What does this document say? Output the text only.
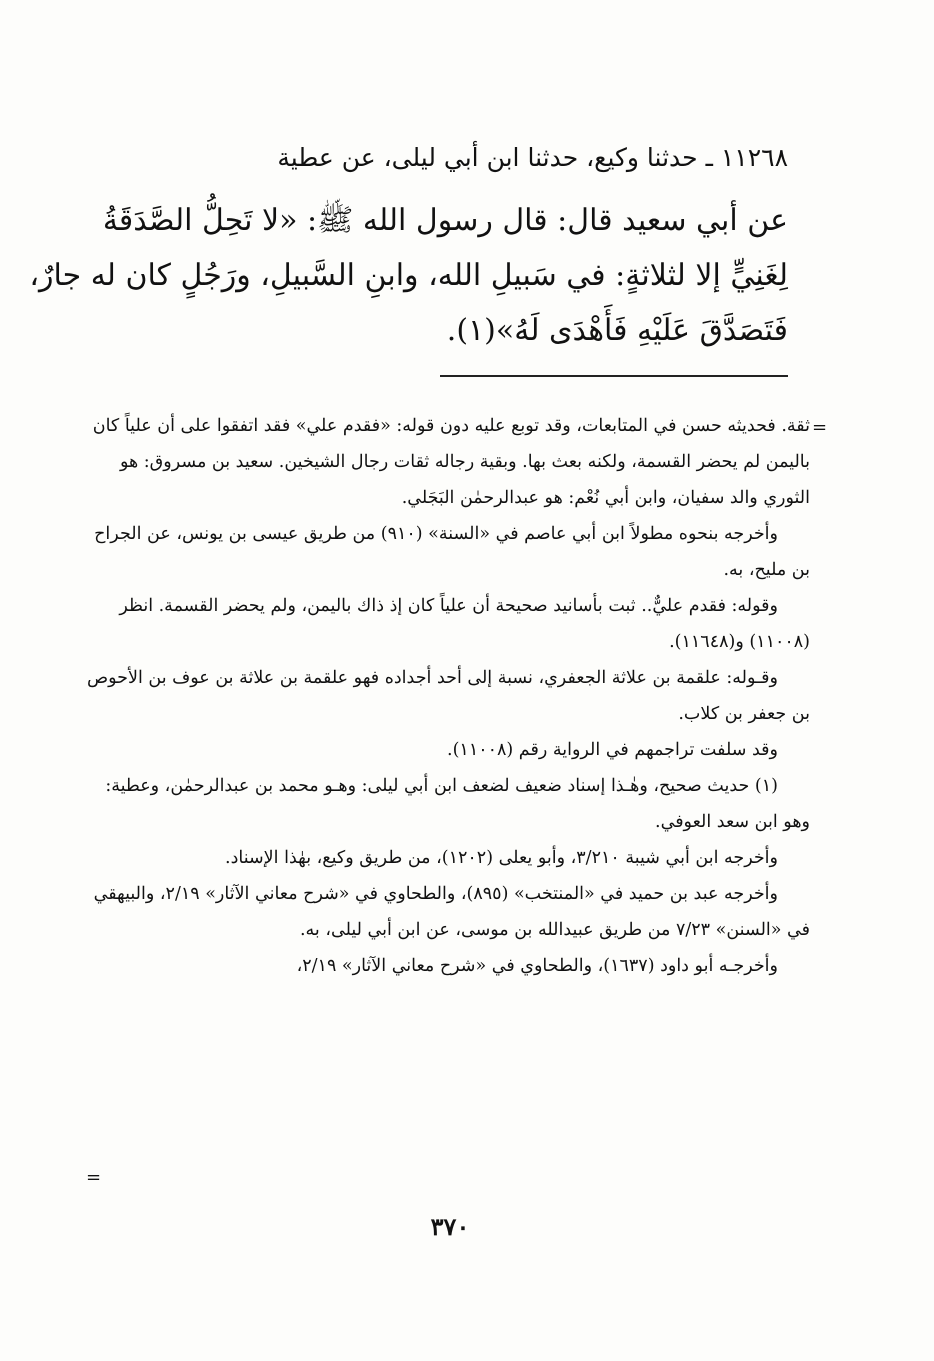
١١٢٦٨ ـ حدثنا وكيع، حدثنا ابن أبي ليلى، عن عطية

عن أبي سعيد قال: قال رسول الله ﷺ: «لا تَحِلُّ الصَّدَقَةُ

لِغَنِيٍّ إلا لثلاثةٍ: في سَبيلِ الله، وابنِ السَّبيلِ، ورَجُلٍ كان له جارٌ،

فَتَصَدَّقَ عَلَيْهِ فَأَهْدَى لَهُ»(١).

=

ثقة. فحديثه حسن في المتابعات، وقد توبع عليه دون قوله: «فقدم علي» فقد اتفقوا على أن علياً كان باليمن لم يحضر القسمة، ولكنه بعث بها. وبقية رجاله ثقات رجال الشيخين. سعيد بن مسروق: هو الثوري والد سفيان، وابن أبي نُعْم: هو عبدالرحمٰن البَجَلي.

وأخرجه بنحوه مطولاً ابن أبي عاصم في «السنة» (٩١٠) من طريق عيسى بن يونس، عن الجراح بن مليح، به.

وقوله: فقدم عليٌّ.. ثبت بأسانيد صحيحة أن علياً كان إذ ذاك باليمن، ولم يحضر القسمة. انظر (١١٠٠٨) و(١١٦٤٨).

وقـوله: علقمة بن علاثة الجعفري، نسبة إلى أحد أجداده فهو علقمة بن علاثة بن عوف بن الأحوص بن جعفر بن كلاب.

وقد سلفت تراجمهم في الرواية رقم (١١٠٠٨).

(١) حديث صحيح، وهٰـذا إسناد ضعيف لضعف ابن أبي ليلى: وهـو محمد بن عبدالرحمٰن، وعطية: وهو ابن سعد العوفي.

وأخرجه ابن أبي شيبة ٣/٢١٠، وأبو يعلى (١٢٠٢)، من طريق وكيع، بهٰذا الإسناد.

وأخرجه عبد بن حميد في «المنتخب» (٨٩٥)، والطحاوي في «شرح معاني الآثار» ٢/١٩، والبيهقي في «السنن» ٧/٢٣ من طريق عبيدالله بن موسى، عن ابن أبي ليلى، به.

وأخرجـه أبو داود (١٦٣٧)، والطحاوي في «شرح معاني الآثار» ٢/١٩،

=
٣٧٠
